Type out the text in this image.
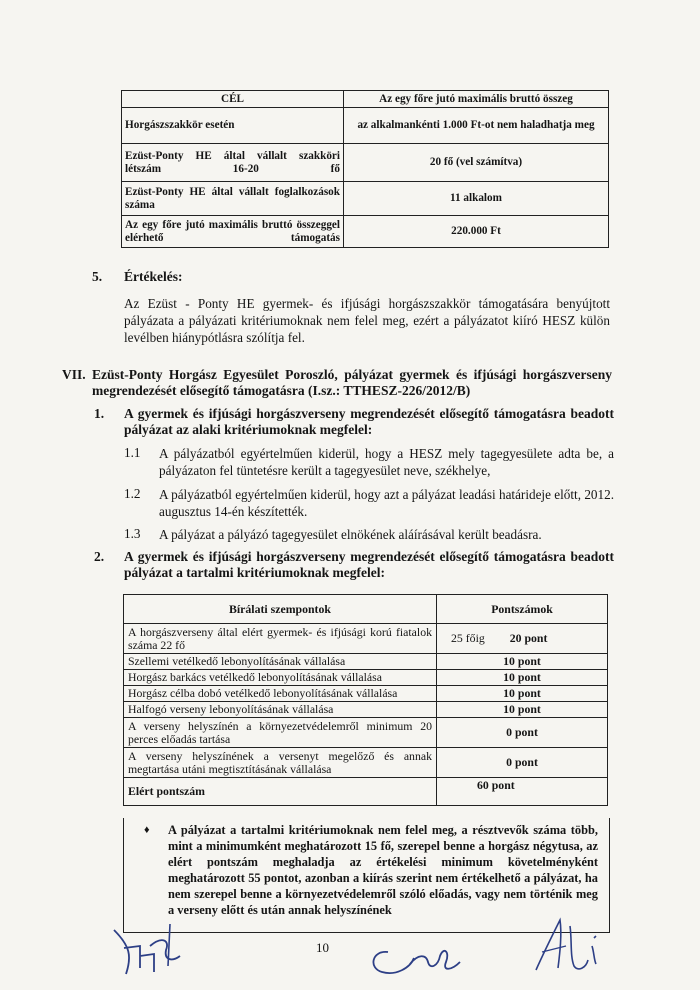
CÉL	Az egy főre jutó maximális bruttó összeg
Horgászszakkör esetén	az alkalmankénti 1.000 Ft-ot nem haladhatja meg
Ezüst-Ponty HE által vállalt szakköri létszám 16-20 fő	20 fő (vel számítva)
Ezüst-Ponty HE által vállalt foglalkozások száma	11 alkalom
Az egy főre jutó maximális bruttó összeggel elérhető támogatás	220.000 Ft
5. Értékelés:
Az Ezüst - Ponty HE gyermek- és ifjúsági horgászszakkör támogatására benyújtott pályázata a pályázati kritériumoknak nem felel meg, ezért a pályázatot kiíró HESZ külön levélben hiánypótlásra szólítja fel.
VII. Ezüst-Ponty Horgász Egyesület Poroszló, pályázat gyermek és ifjúsági horgászverseny megrendezését elősegítő támogatásra (I.sz.: TTHESZ-226/2012/B)
1. A gyermek és ifjúsági horgászverseny megrendezését elősegítő támogatásra beadott pályázat az alaki kritériumoknak megfelel:
1.1 A pályázatból egyértelműen kiderül, hogy a HESZ mely tagegyesülete adta be, a pályázaton fel tüntetésre került a tagegyesület neve, székhelye,
1.2 A pályázatból egyértelműen kiderül, hogy azt a pályázat leadási határideje előtt, 2012. augusztus 14-én készítették.
1.3 A pályázat a pályázó tagegyesület elnökének aláírásával került beadásra.
2. A gyermek és ifjúsági horgászverseny megrendezését elősegítő támogatásra beadott pályázat a tartalmi kritériumoknak megfelel:
Bírálati szempontok	Pontszámok
A horgászverseny által elért gyermek- és ifjúsági korú fiatalok száma 22 fő	25 főig 20 pont
Szellemi vetélkedő lebonyolításának vállalása	10 pont
Horgász barkács vetélkedő lebonyolításának vállalása	10 pont
Horgász célba dobó vetélkedő lebonyolításának vállalása	10 pont
Halfogó verseny lebonyolításának vállalása	10 pont
A verseny helyszínén a környezetvédelemről minimum 20 perces előadás tartása	0 pont
A verseny helyszínének a versenyt megelőző és annak megtartása utáni megtisztításának vállalása	0 pont
Elért pontszám	60 pont
♦ A pályázat a tartalmi kritériumoknak nem felel meg, a résztvevők száma több, mint a minimumként meghatározott 15 fő, szerepel benne a horgász négytusa, az elért pontszám meghaladja az értékelési minimum követelményként meghatározott 55 pontot, azonban a kiírás szerint nem értékelhető a pályázat, ha nem szerepel benne a környezetvédelemről szóló előadás, vagy nem történik meg a verseny előtt és után annak helyszínének
10
